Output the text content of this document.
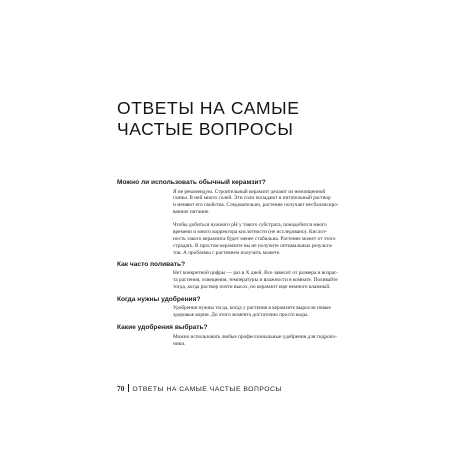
ОТВЕТЫ НА САМЫЕ
ЧАСТЫЕ ВОПРОСЫ
Можно ли использовать обычный керамзит?

Я не рекомендую. Строительный керамзит делают из неочищенной
глины. В ней много солей. Эти соли попадают в питательный раствор
и меняют его свойства. Следовательно, растение получает несбалансиро-
ванное питание.

Чтобы добиться нужного рН у такого субстрата, понадобится много
времени и много корректора кислотности (не исследовано). Кислот-
ность такого керамзита будет менее стабильна. Растение может от этого
страдать. В простом керамзите вы не получите оптимальных результа-
тов. А проблемы с растением получить можете.

Как часто поливать?

Нет конкретной цифры — раз в X дней. Все зависит от размера и возрас-
та растения, освещения, температуры и влажности в комнате. Поливайте
тогда, когда раствор почти высох, но керамзит еще немного влажный.

Когда нужны удобрения?

Удобрения нужны тогда, когда у растения в керамзите выросли новые
здоровые корни. До этого момента достаточно просто воды.

Какие удобрения выбрать?

Можно использовать любые профессиональные удобрения для гидропо-
ники.

70 ОТВЕТЫ НА САМЫЕ ЧАСТЫЕ ВОПРОСЫ
